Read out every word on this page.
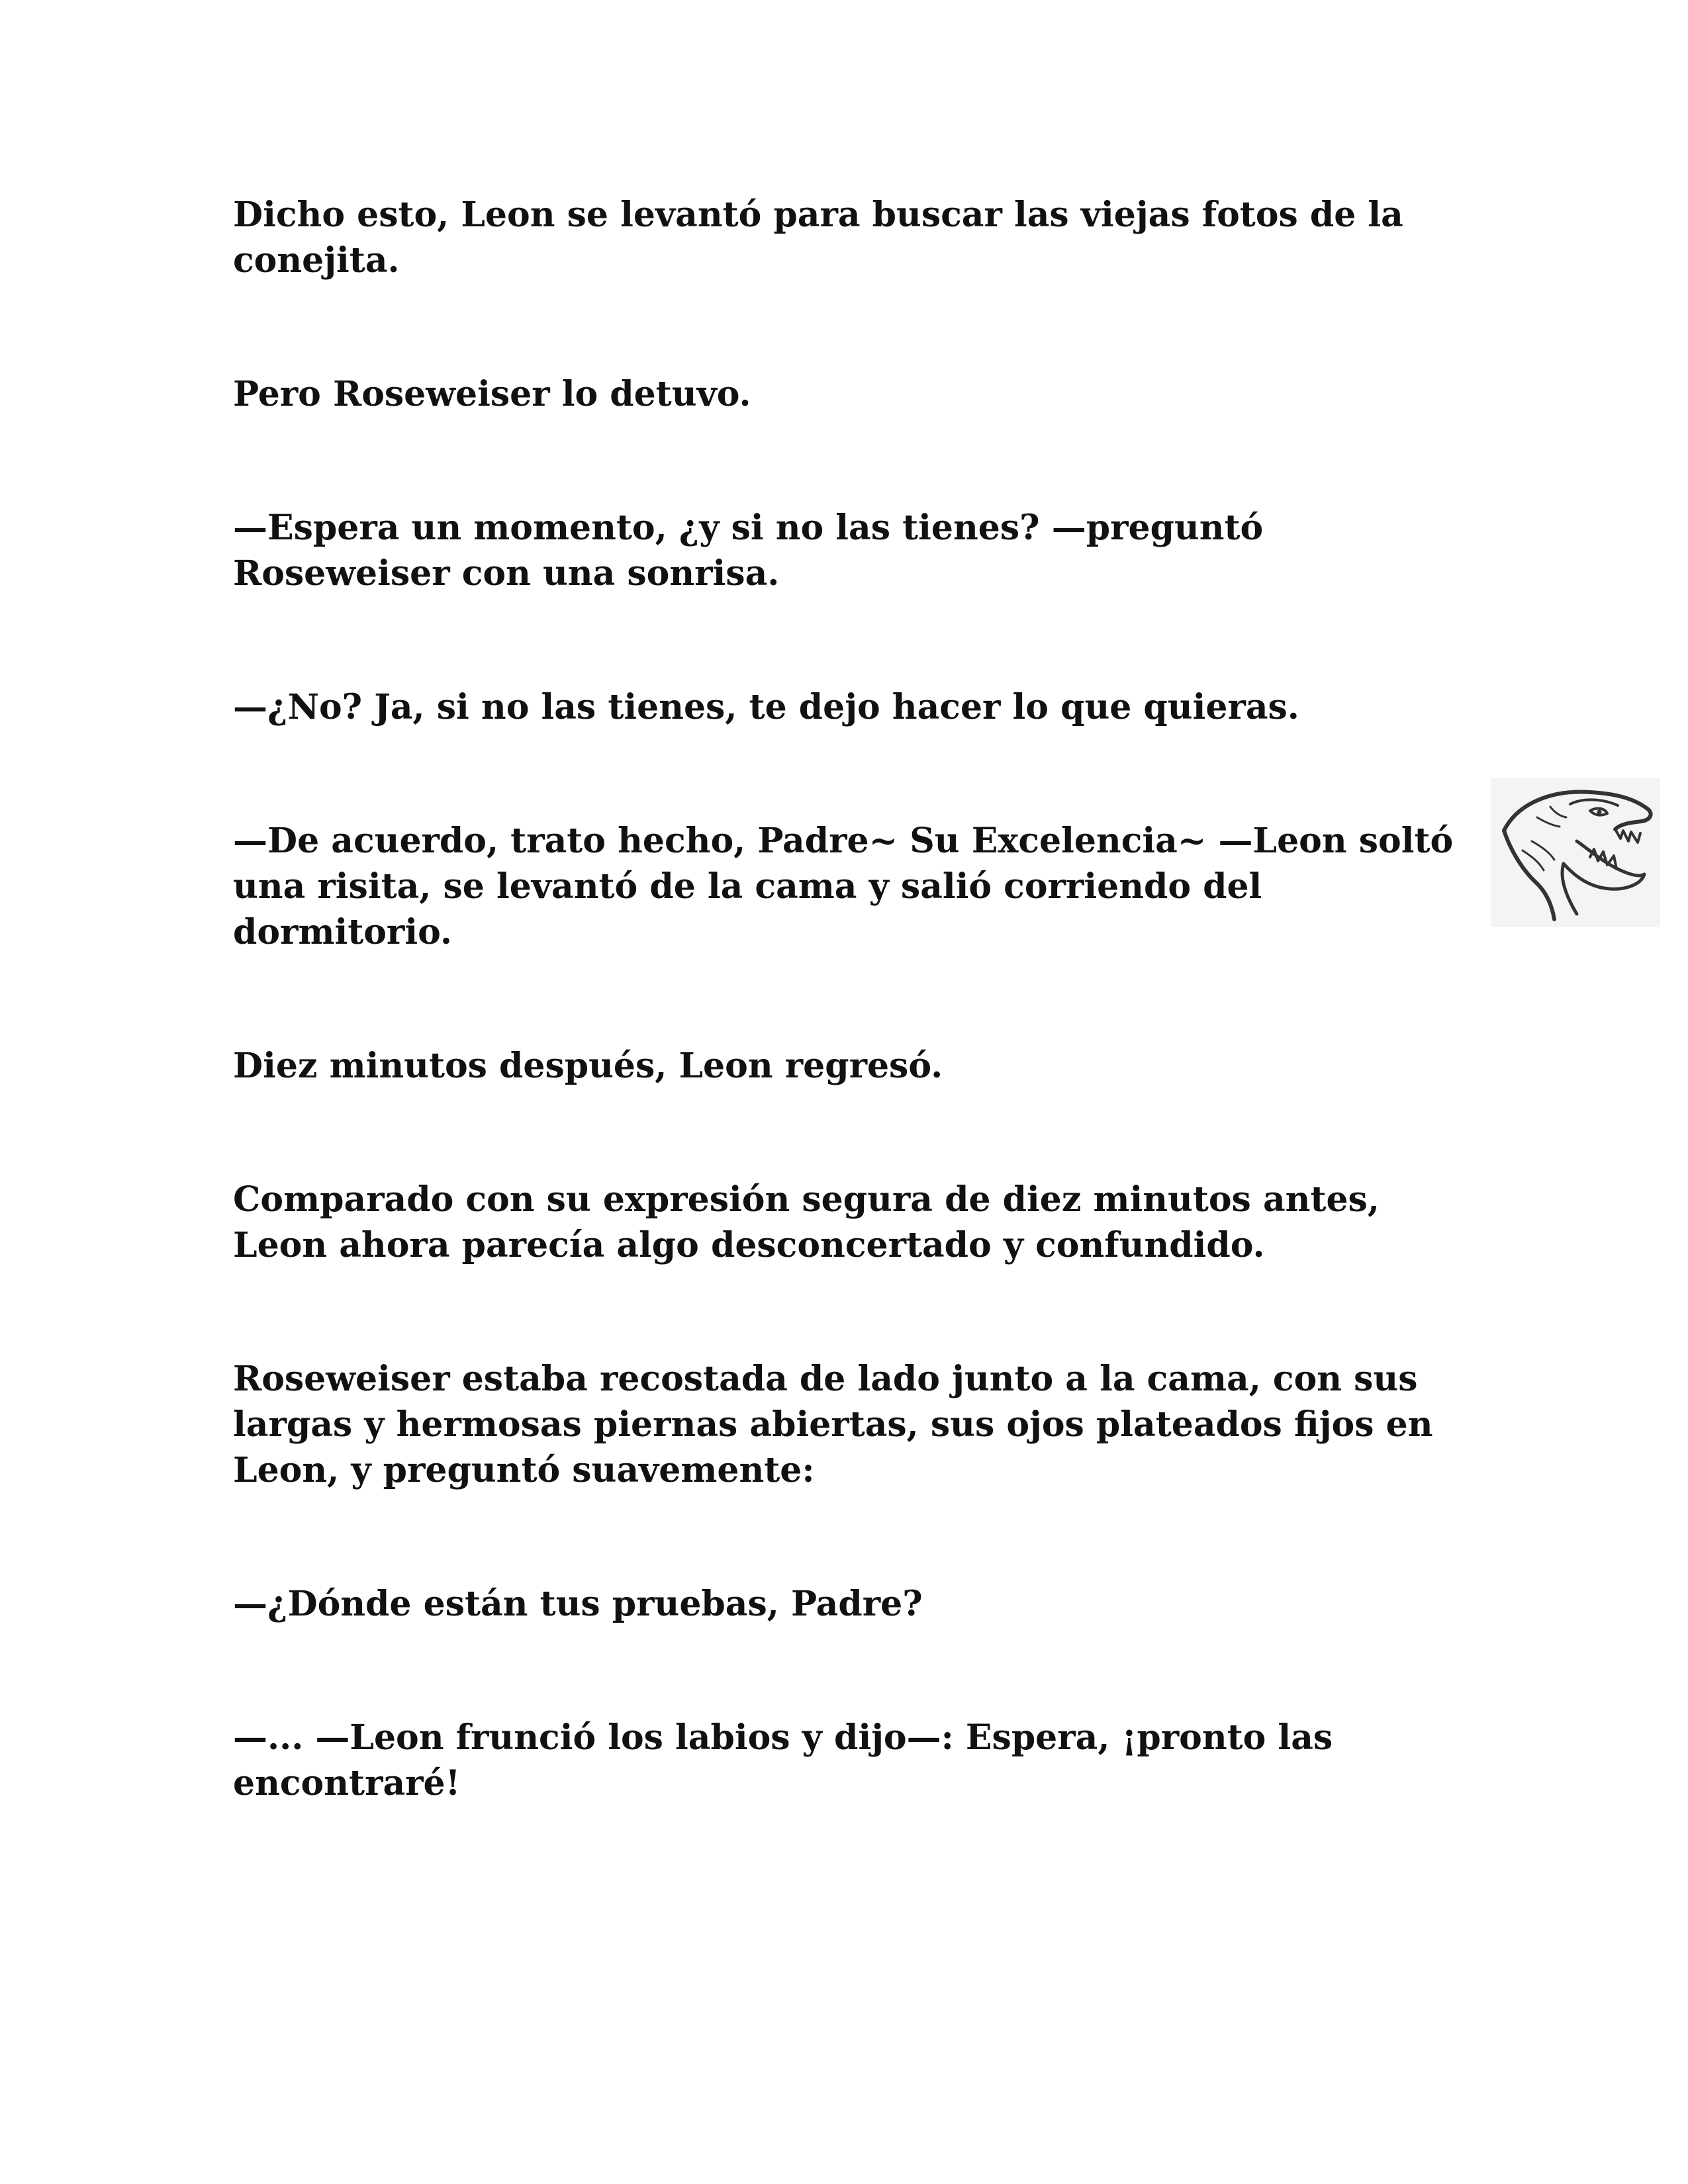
Dicho esto, Leon se levantó para buscar las viejas fotos de la
conejita.

Pero Roseweiser lo detuvo.

—Espera un momento, ¿y si no las tienes? —preguntó
Roseweiser con una sonrisa.

—¿No? Ja, si no las tienes, te dejo hacer lo que quieras.

—De acuerdo, trato hecho, Padre~ Su Excelencia~ —Leon soltó
una risita, se levantó de la cama y salió corriendo del
dormitorio.

Diez minutos después, Leon regresó.

Comparado con su expresión segura de diez minutos antes,
Leon ahora parecía algo desconcertado y confundido.

Roseweiser estaba recostada de lado junto a la cama, con sus
largas y hermosas piernas abiertas, sus ojos plateados fijos en
Leon, y preguntó suavemente:

—¿Dónde están tus pruebas, Padre?

—... —Leon frunció los labios y dijo—: Espera, ¡pronto las
encontraré!
